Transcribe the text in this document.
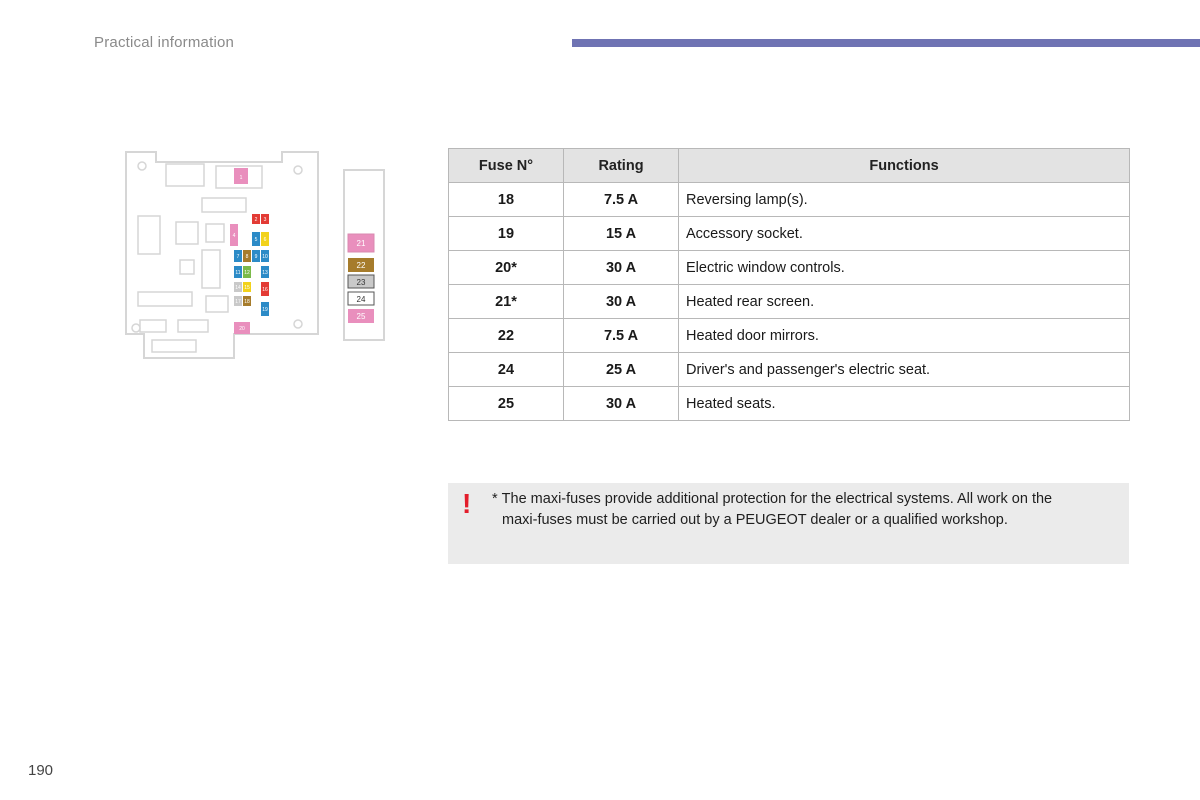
Practical information
1
2 3
4
5 6
7 8 9 10
11 12 13
14 15 16
17 18
19
20
21
22
23
24
25
Fuse N°	Rating	Functions
18	7.5 A	Reversing lamp(s).
19	15 A	Accessory socket.
20*	30 A	Electric window controls.
21*	30 A	Heated rear screen.
22	7.5 A	Heated door mirrors.
24	25 A	Driver's and passenger's electric seat.
25	30 A	Heated seats.
! * The maxi-fuses provide additional protection for the electrical systems. All work on the
maxi-fuses must be carried out by a PEUGEOT dealer or a qualified workshop.
190
